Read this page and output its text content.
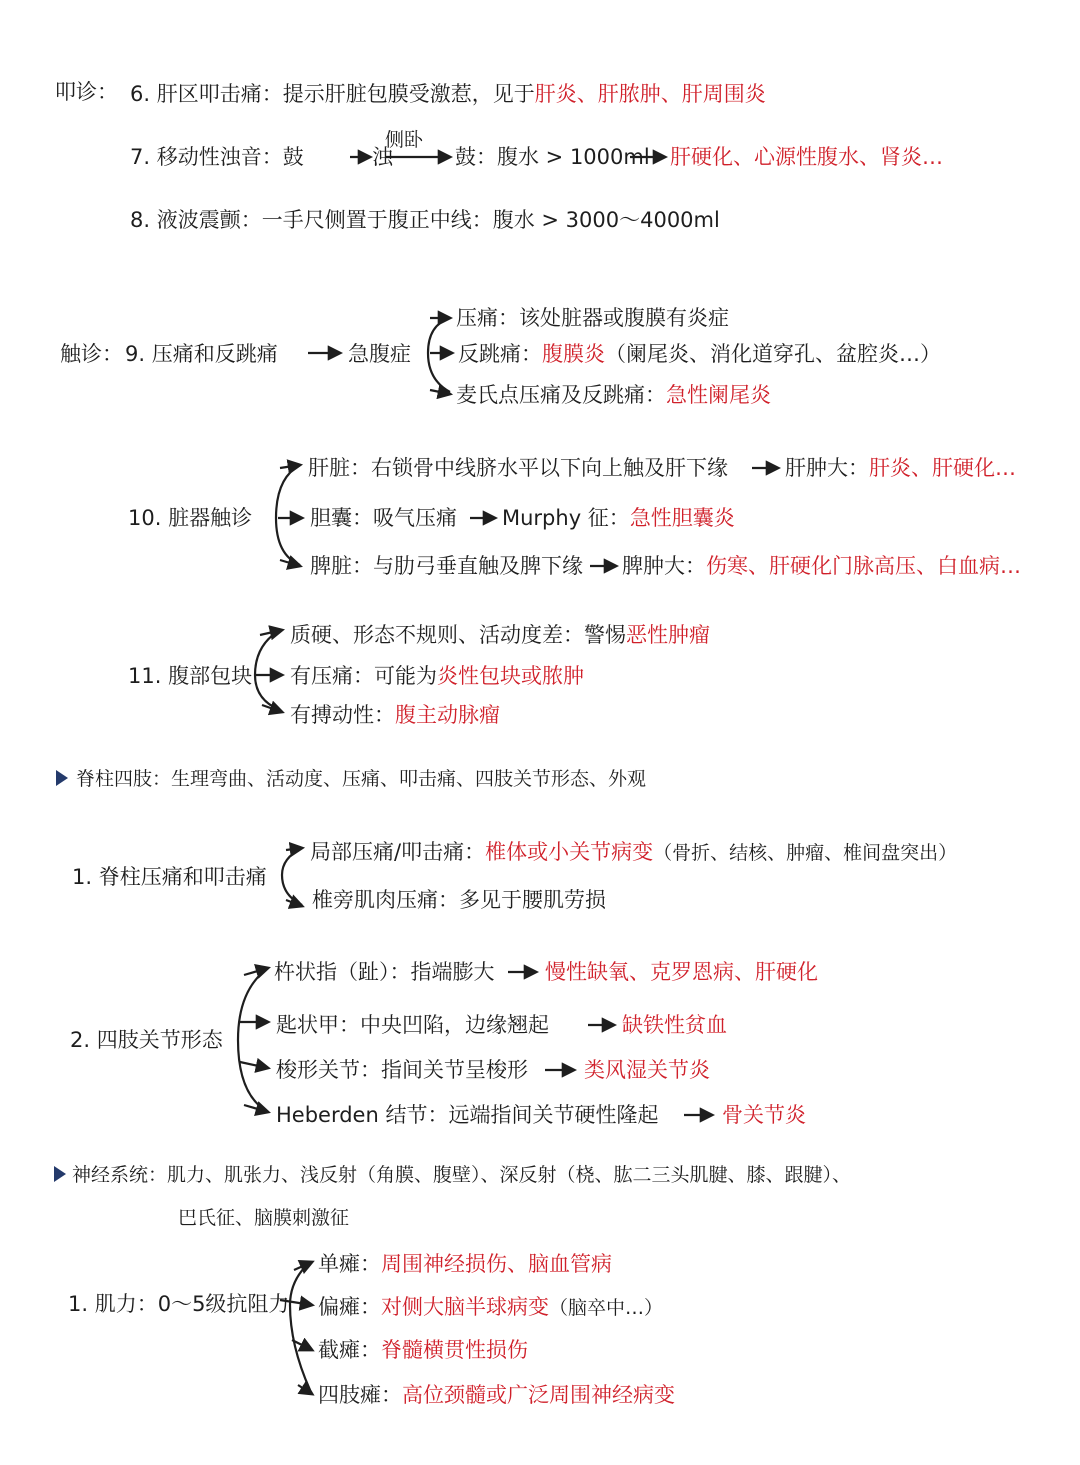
叩诊： 6. 肝区叩击痛：提示肝脏包膜受激惹，见于肝炎、肝脓肿、肝周围炎
7. 移动性浊音：鼓	浊
侧卧
鼓：腹水 > 1000ml 肝硬化、心源性腹水、肾炎…
8. 液波震颤：一手尺侧置于腹正中线：腹水 > 3000～4000ml
触诊： 9. 压痛和反跳痛	急腹症
压痛：该处脏器或腹膜有炎症
反跳痛：腹膜炎（阑尾炎、消化道穿孔、盆腔炎…）
麦氏点压痛及反跳痛：急性阑尾炎
10. 脏器触诊
肝脏：右锁骨中线脐水平以下向上触及肝下缘	肝肿大：肝炎、肝硬化…
胆囊：吸气压痛 Murphy 征：急性胆囊炎
脾脏：与肋弓垂直触及脾下缘 脾肿大：伤寒、肝硬化门脉高压、白血病…
11. 腹部包块
质硬、形态不规则、活动度差：警惕恶性肿瘤
有压痛：可能为炎性包块或脓肿
有搏动性：腹主动脉瘤
脊柱四肢：生理弯曲、活动度、压痛、叩击痛、四肢关节形态、外观
1. 脊柱压痛和叩击痛
局部压痛/叩击痛：椎体或小关节病变（骨折、结核、肿瘤、椎间盘突出）
椎旁肌肉压痛：多见于腰肌劳损
2. 四肢关节形态
杵状指（趾）：指端膨大 慢性缺氧、克罗恩病、肝硬化
匙状甲：中央凹陷，边缘翘起	缺铁性贫血
梭形关节：指间关节呈梭形	类风湿关节炎
Heberden 结节：远端指间关节硬性隆起	骨关节炎
神经系统：肌力、肌张力、浅反射（角膜、腹壁）、深反射（桡、肱二三头肌腱、膝、跟腱）、
巴氏征、脑膜刺激征
1. 肌力：0～5级抗阻力
单瘫：周围神经损伤、脑血管病
偏瘫：对侧大脑半球病变（脑卒中…）
截瘫：脊髓横贯性损伤
四肢瘫：高位颈髓或广泛周围神经病变
